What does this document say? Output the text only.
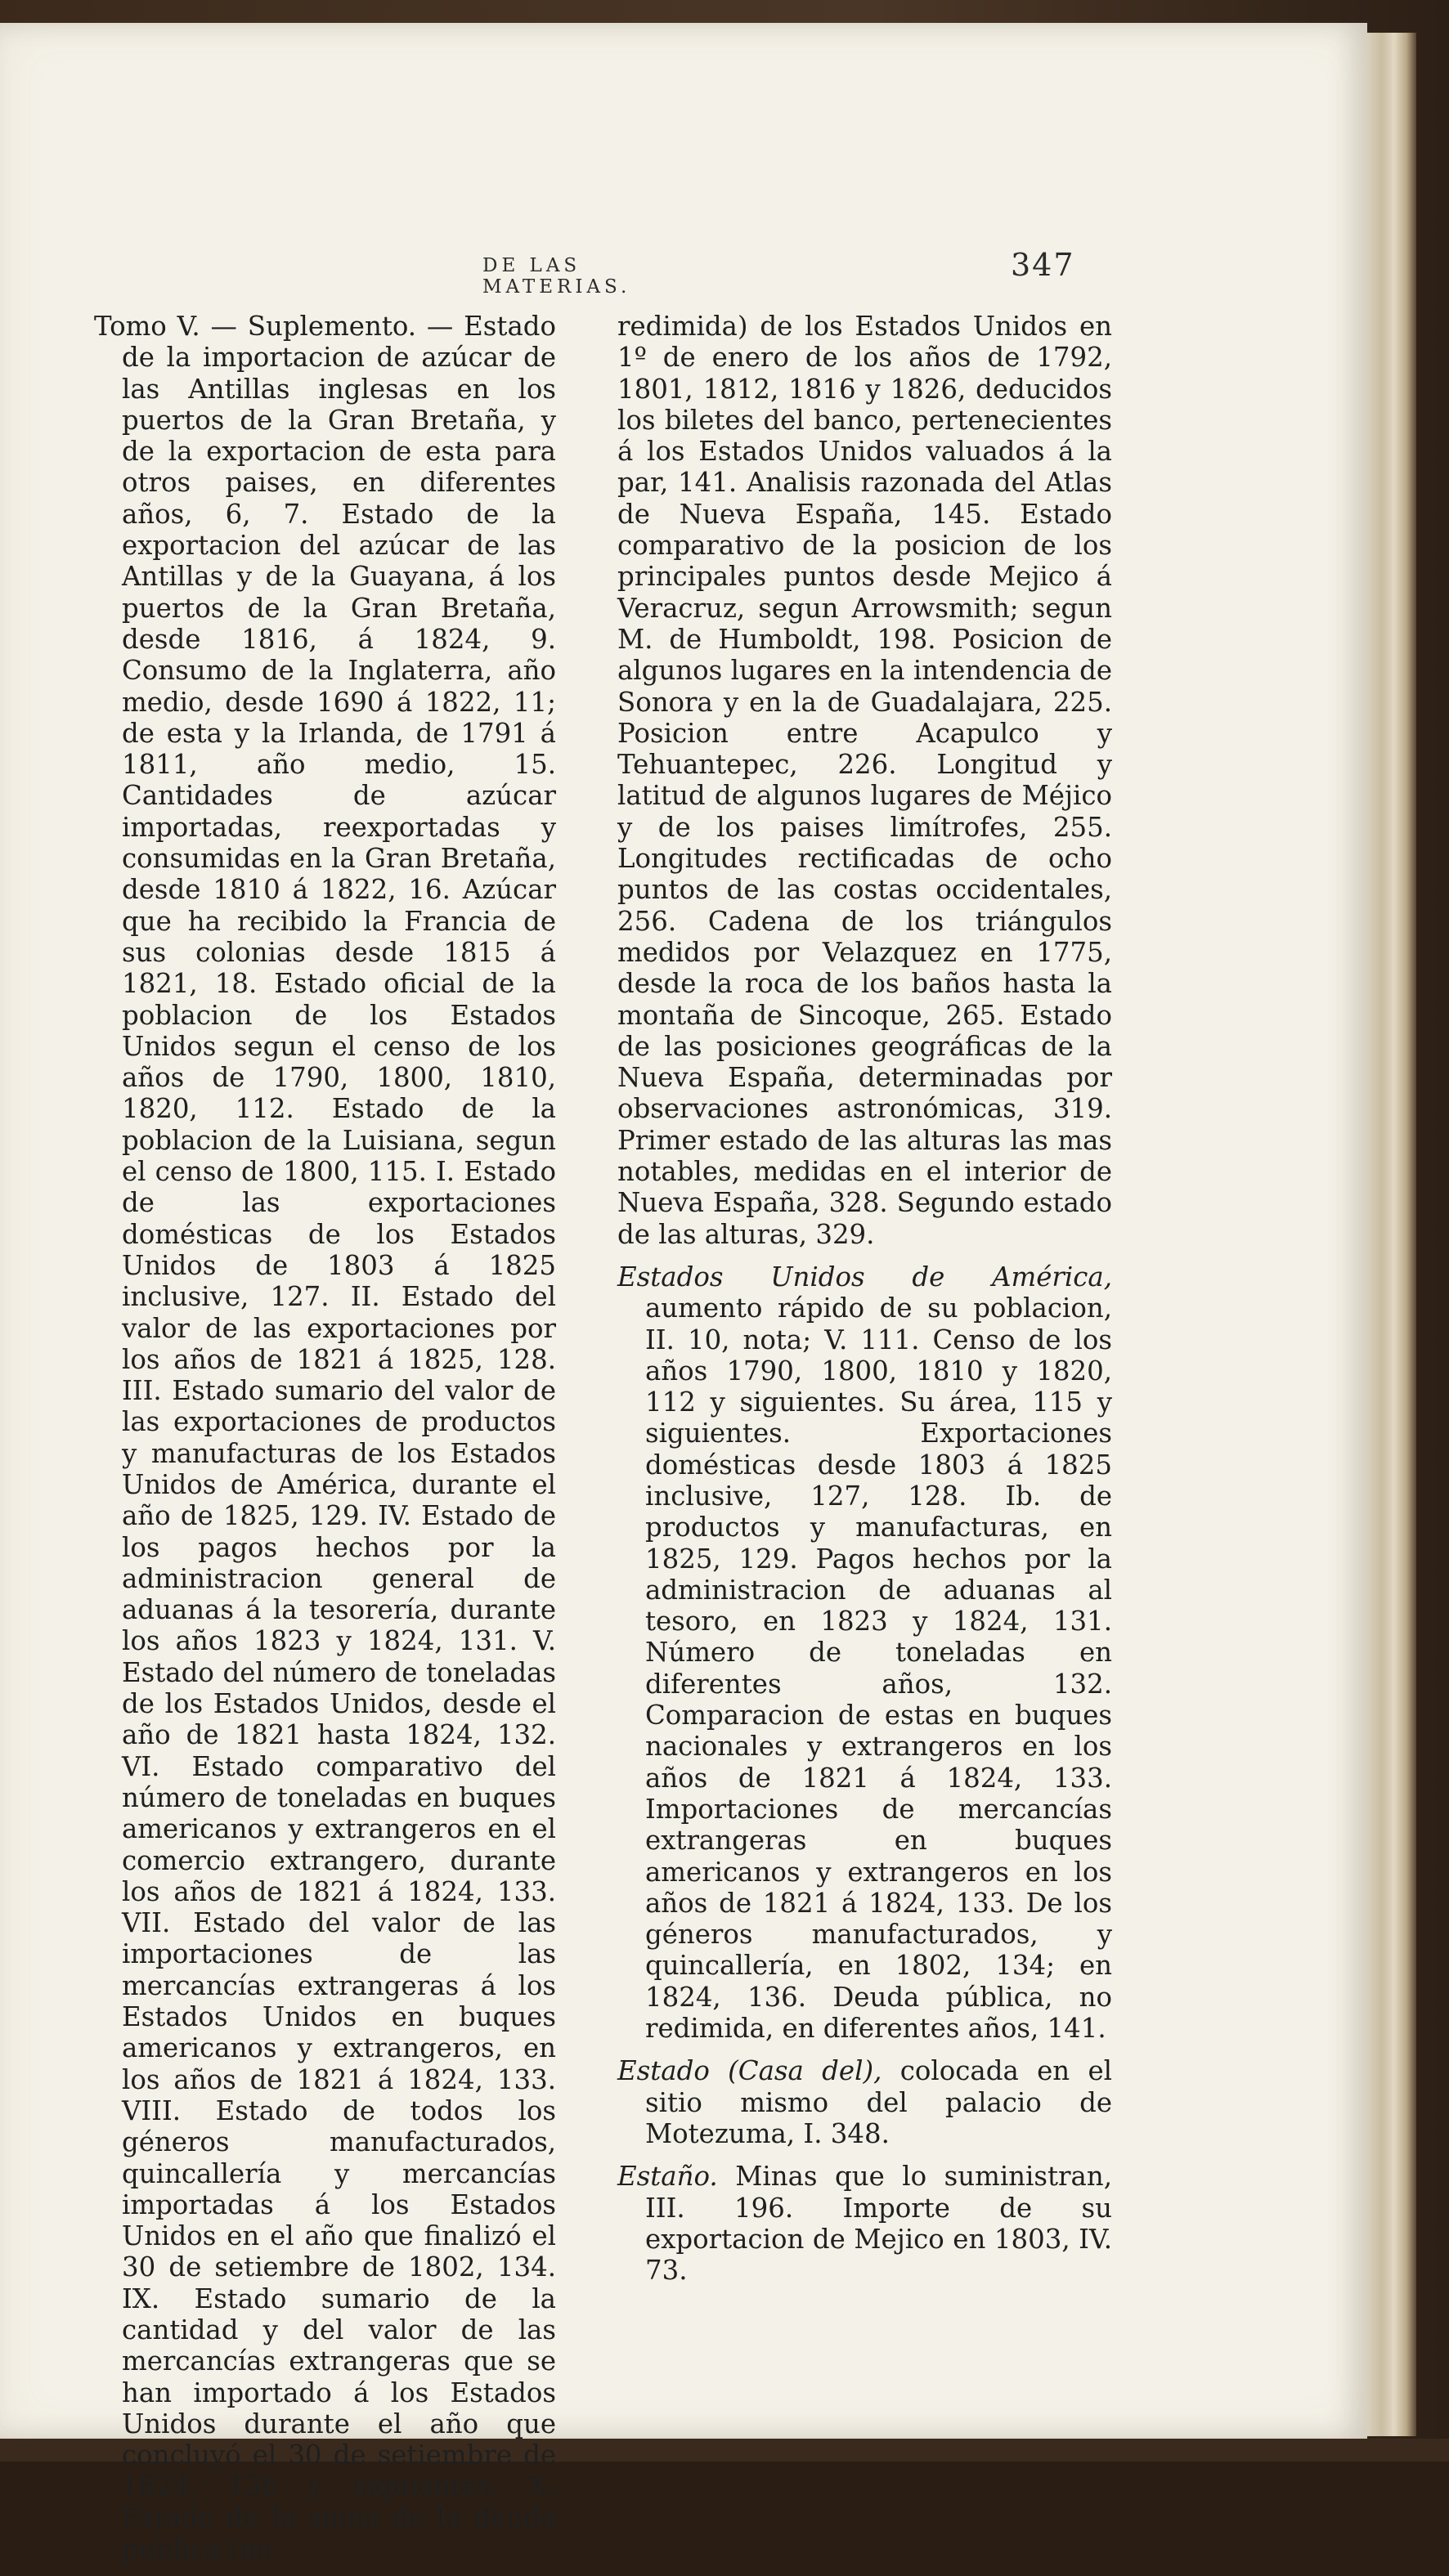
DE LAS MATERIAS.
347

Tomo V. — Suplemento. — Estado de la importacion de azúcar de las Antillas inglesas en los puertos de la Gran Bretaña, y de la exportacion de esta para otros paises, en diferentes años, 6, 7. Estado de la exportacion del azúcar de las Antillas y de la Guayana, á los puertos de la Gran Bretaña, desde 1816, á 1824, 9. Consumo de la Inglaterra, año medio, desde 1690 á 1822, 11; de esta y la Irlanda, de 1791 á 1811, año medio, 15. Cantidades de azúcar importadas, reexportadas y consumidas en la Gran Bretaña, desde 1810 á 1822, 16. Azúcar que ha recibido la Francia de sus colonias desde 1815 á 1821, 18. Estado oficial de la poblacion de los Estados Unidos segun el censo de los años de 1790, 1800, 1810, 1820, 112. Estado de la poblacion de la Luisiana, segun el censo de 1800, 115. I. Estado de las exportaciones domésticas de los Estados Unidos de 1803 á 1825 inclusive, 127. II. Estado del valor de las exportaciones por los años de 1821 á 1825, 128. III. Estado sumario del valor de las exportaciones de productos y manufacturas de los Estados Unidos de América, durante el año de 1825, 129. IV. Estado de los pagos hechos por la administracion general de aduanas á la tesorería, durante los años 1823 y 1824, 131. V. Estado del número de toneladas de los Estados Unidos, desde el año de 1821 hasta 1824, 132. VI. Estado comparativo del número de toneladas en buques americanos y extrangeros en el comercio extrangero, durante los años de 1821 á 1824, 133. VII. Estado del valor de las importaciones de las mercancías extrangeras á los Estados Unidos en buques americanos y extrangeros, en los años de 1821 á 1824, 133. VIII. Estado de todos los géneros manufacturados, quincallería y mercancías importadas á los Estados Unidos en el año que finalizó el 30 de setiembre de 1802, 134. IX. Estado sumario de la cantidad y del valor de las mercancías extrangeras que se han importado á los Estados Unidos durante el año que concluyó el 30 de setiembre de 1824, 136 y siguientes. X. Estado de la suma de la deuda publica (no

redimida) de los Estados Unidos en 1º de enero de los años de 1792, 1801, 1812, 1816 y 1826, deducidos los biletes del banco, pertenecientes á los Estados Unidos valuados á la par, 141. Analisis razonada del Atlas de Nueva España, 145. Estado comparativo de la posicion de los principales puntos desde Mejico á Veracruz, segun Arrowsmith; segun M. de Humboldt, 198. Posicion de algunos lugares en la intendencia de Sonora y en la de Guadalajara, 225. Posicion entre Acapulco y Tehuantepec, 226. Longitud y latitud de algunos lugares de Méjico y de los paises limítrofes, 255. Longitudes rectificadas de ocho puntos de las costas occidentales, 256. Cadena de los triángulos medidos por Velazquez en 1775, desde la roca de los baños hasta la montaña de Sincoque, 265. Estado de las posiciones geográficas de la Nueva España, determinadas por observaciones astronómicas, 319. Primer estado de las alturas las mas notables, medidas en el interior de Nueva España, 328. Segundo estado de las alturas, 329.

Estados Unidos de América, aumento rápido de su poblacion, II. 10, nota; V. 111. Censo de los años 1790, 1800, 1810 y 1820, 112 y siguientes. Su área, 115 y siguientes. Exportaciones domésticas desde 1803 á 1825 inclusive, 127, 128. Ib. de productos y manufacturas, en 1825, 129. Pagos hechos por la administracion de aduanas al tesoro, en 1823 y 1824, 131. Número de toneladas en diferentes años, 132. Comparacion de estas en buques nacionales y extrangeros en los años de 1821 á 1824, 133. Importaciones de mercancías extrangeras en buques americanos y extrangeros en los años de 1821 á 1824, 133. De los géneros manufacturados, y quincallería, en 1802, 134; en 1824, 136. Deuda pública, no redimida, en diferentes años, 141.

Estado (Casa del), colocada en el sitio mismo del palacio de Motezuma, I. 348.

Estaño. Minas que lo suministran, III. 196. Importe de su exportacion de Mejico en 1803, IV. 73.
